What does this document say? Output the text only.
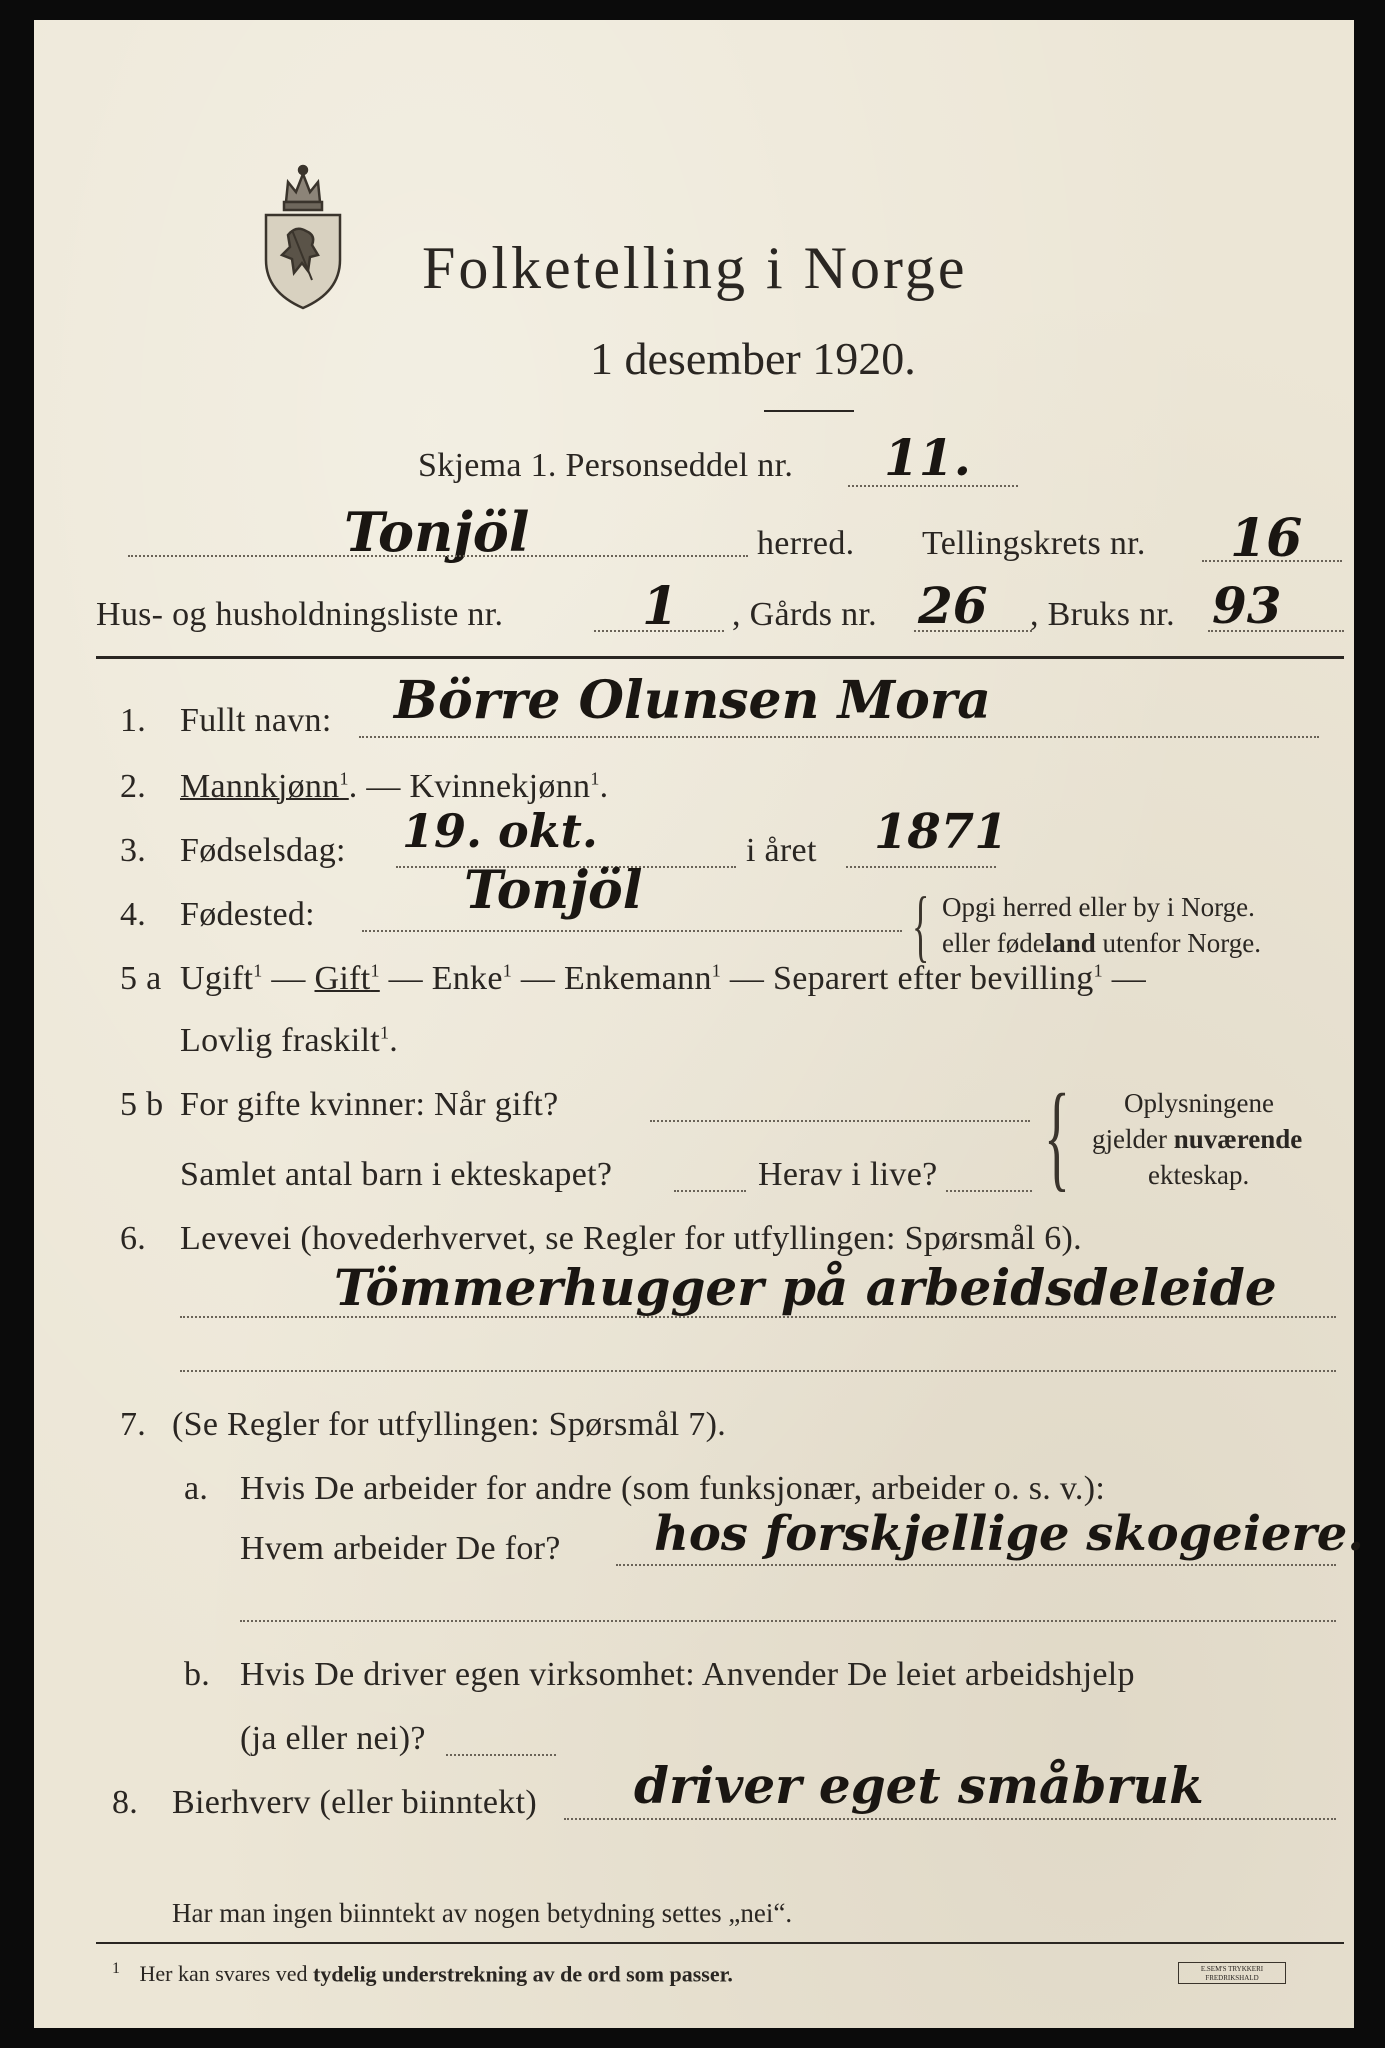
Folketelling i Norge
1 desember 1920.
Skjema 1. Personseddel nr. 11.
Tonjöl	herred. Tellingskrets nr. 16
Hus- og husholdningsliste nr.	1 , Gårds nr. 26 , Bruks nr. 93
1. Fullt navn: Börre Olunsen Mora
2. Mannkjønn$^1$. — Kvinnekjønn$^1$.
3. Fødselsdag: 19. okt.	i året 1871
4. Fødested:	Tonjöl	{ Opgi herred eller by i Norge.
eller fødeland utenfor Norge.
5 a Ugift$^1$ — Gift$^1$ — Enke$^1$ — Enkemann$^1$ — Separert efter bevilling$^1$ —
Lovlig fraskilt$^1$.
5 b For gifte kvinner: Når gift?
Samlet antal barn i ekteskapet?	Herav i live? { Oplysningene
gjelder nuværende
ekteskap.
6. Levevei (hovederhvervet, se Regler for utfyllingen: Spørsmål 6).
Tömmerhugger på arbeidsdeleide
7. (Se Regler for utfyllingen: Spørsmål 7).
a. Hvis De arbeider for andre (som funksjonær, arbeider o. s. v.):
Hvem arbeider De for? hos forskjellige skogeiere.
b. Hvis De driver egen virksomhet: Anvender De leiet arbeidshjelp
(ja eller nei)?
8. Bierhverv (eller biinntekt) driver eget småbruk
Har man ingen biinntekt av nogen betydning settes „nei“.
$^1$ Her kan svares ved tydelig understrekning av de ord som passer.	E.SEM'S TRYKKERI FREDRIKSHALD
